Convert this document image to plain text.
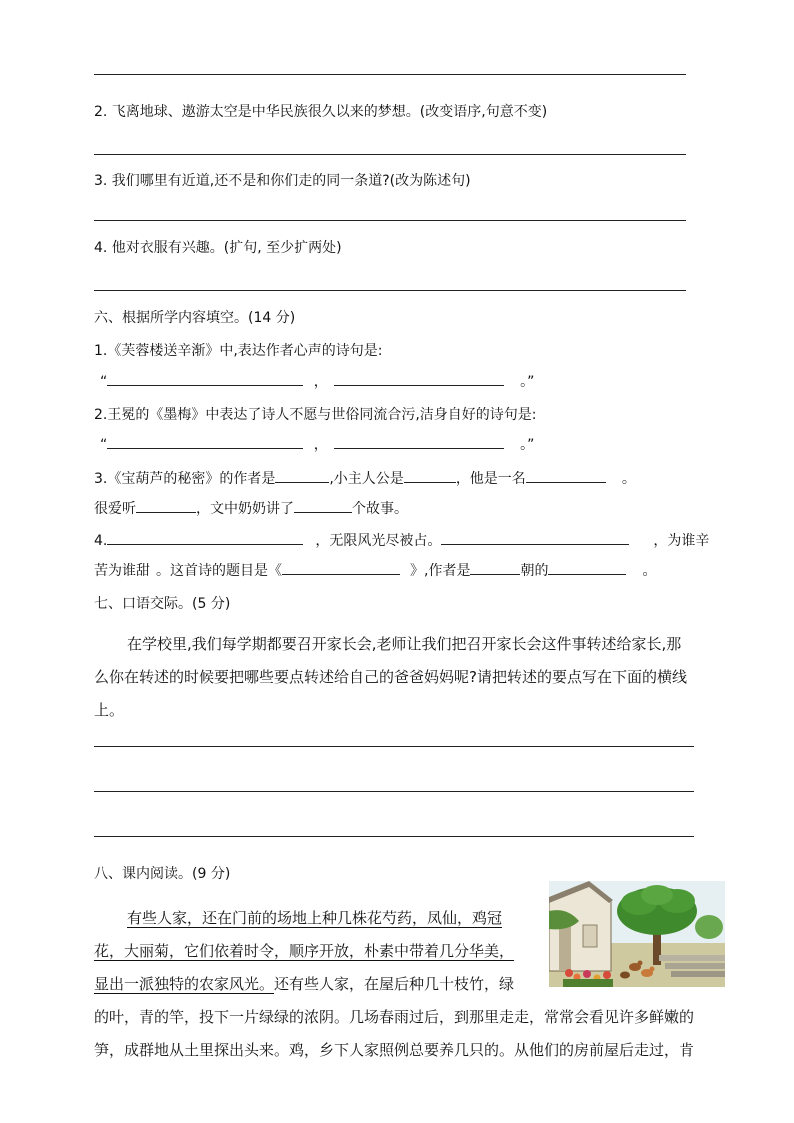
2. 飞离地球、遨游太空是中华民族很久以来的梦想。(改变语序,句意不变)
3. 我们哪里有近道,还不是和你们走的同一条道?(改为陈述句)
4. 他对衣服有兴趣。(扩句, 至少扩两处)
六、根据所学内容填空。(14 分)
1.《芙蓉楼送辛渐》中,表达作者心声的诗句是:
“	，	。”
2.王冕的《墨梅》中表达了诗人不愿与世俗同流合污,洁身自好的诗句是:
“	，	。”
3.《宝葫芦的秘密》的作者是	,小主人公是	，他是一名	。
很爱听	，文中奶奶讲了	个故事。
4.	，无限风光尽被占。	，为谁辛
苦为谁甜 。这首诗的题目是《	》,作者是	朝的	。
七、口语交际。(5 分)
在学校里,我们每学期都要召开家长会,老师让我们把召开家长会这件事转述给家长,那
么你在转述的时候要把哪些要点转述给自己的爸爸妈妈呢?请把转述的要点写在下面的横线
上。
八、课内阅读。(9 分)
有些人家，还在门前的场地上种几株花芍药，凤仙，鸡冠
花，大丽菊，它们依着时令，顺序开放，朴素中带着几分华美，
显出一派独特的农家风光。还有些人家，在屋后种几十枝竹，绿
的叶，青的竿，投下一片绿绿的浓阴。几场春雨过后，到那里走走，常常会看见许多鲜嫩的
笋，成群地从土里探出头来。鸡，乡下人家照例总要养几只的。从他们的房前屋后走过，肯
